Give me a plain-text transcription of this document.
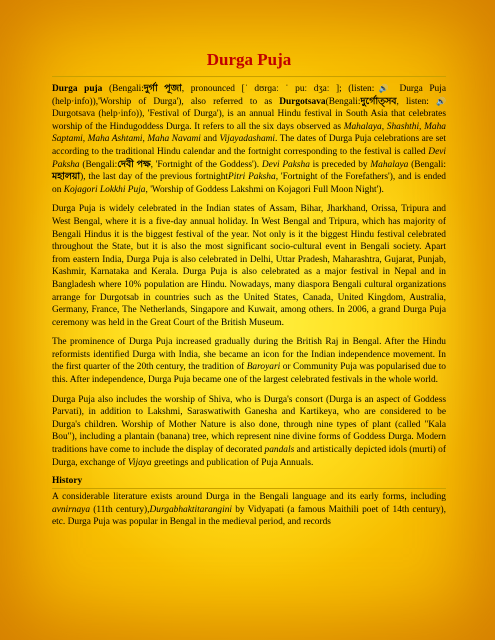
Durga Puja

Durga puja (Bengali:দুর্গা পূজা, pronounced [ˈ dʊrɡaː ˈ puː dʒaː ]; (listen:🔊 Durga Puja (help·info)),'Worship of Durga'), also referred to as Durgotsava(Bengali:দুর্গোত্সব, listen: 🔊 Durgotsava (help·info)), 'Festival of Durga'), is an annual Hindu festival in South Asia that celebrates worship of the Hindugoddess Durga. It refers to all the six days observed as Mahalaya, Shashthi, Maha Saptami, Maha Ashtami, Maha Navami and Vijayadashami. The dates of Durga Puja celebrations are set according to the traditional Hindu calendar and the fortnight corresponding to the festival is called Devi Paksha (Bengali:দেবী পক্ষ, 'Fortnight of the Goddess'). Devi Paksha is preceded by Mahalaya (Bengali: মহালয়া), the last day of the previous fortnightPitri Paksha, 'Fortnight of the Forefathers'), and is ended on Kojagori Lokkhi Puja, 'Worship of Goddess Lakshmi on Kojagori Full Moon Night').

Durga Puja is widely celebrated in the Indian states of Assam, Bihar, Jharkhand, Orissa, Tripura and West Bengal, where it is a five-day annual holiday. In West Bengal and Tripura, which has majority of Bengali Hindus it is the biggest festival of the year. Not only is it the biggest Hindu festival celebrated throughout the State, but it is also the most significant socio-cultural event in Bengali society. Apart from eastern India, Durga Puja is also celebrated in Delhi, Uttar Pradesh, Maharashtra, Gujarat, Punjab, Kashmir, Karnataka and Kerala. Durga Puja is also celebrated as a major festival in Nepal and in Bangladesh where 10% population are Hindu. Nowadays, many diaspora Bengali cultural organizations arrange for Durgotsab in countries such as the United States, Canada, United Kingdom, Australia, Germany, France, The Netherlands, Singapore and Kuwait, among others. In 2006, a grand Durga Puja ceremony was held in the Great Court of the British Museum.

The prominence of Durga Puja increased gradually during the British Raj in Bengal. After the Hindu reformists identified Durga with India, she became an icon for the Indian independence movement. In the first quarter of the 20th century, the tradition of Baroyari or Community Puja was popularised due to this. After independence, Durga Puja became one of the largest celebrated festivals in the whole world.

Durga Puja also includes the worship of Shiva, who is Durga's consort (Durga is an aspect of Goddess Parvati), in addition to Lakshmi, Saraswatiwith Ganesha and Kartikeya, who are considered to be Durga's children. Worship of Mother Nature is also done, through nine types of plant (called "Kala Bou"), including a plantain (banana) tree, which represent nine divine forms of Goddess Durga. Modern traditions have come to include the display of decorated pandals and artistically depicted idols (murti) of Durga, exchange of Vijaya greetings and publication of Puja Annuals.

History

A considerable literature exists around Durga in the Bengali language and its early forms, including avnirnaya (11th century),Durgabhaktitarangini by Vidyapati (a famous Maithili poet of 14th century), etc. Durga Puja was popular in Bengal in the medieval period, and records
